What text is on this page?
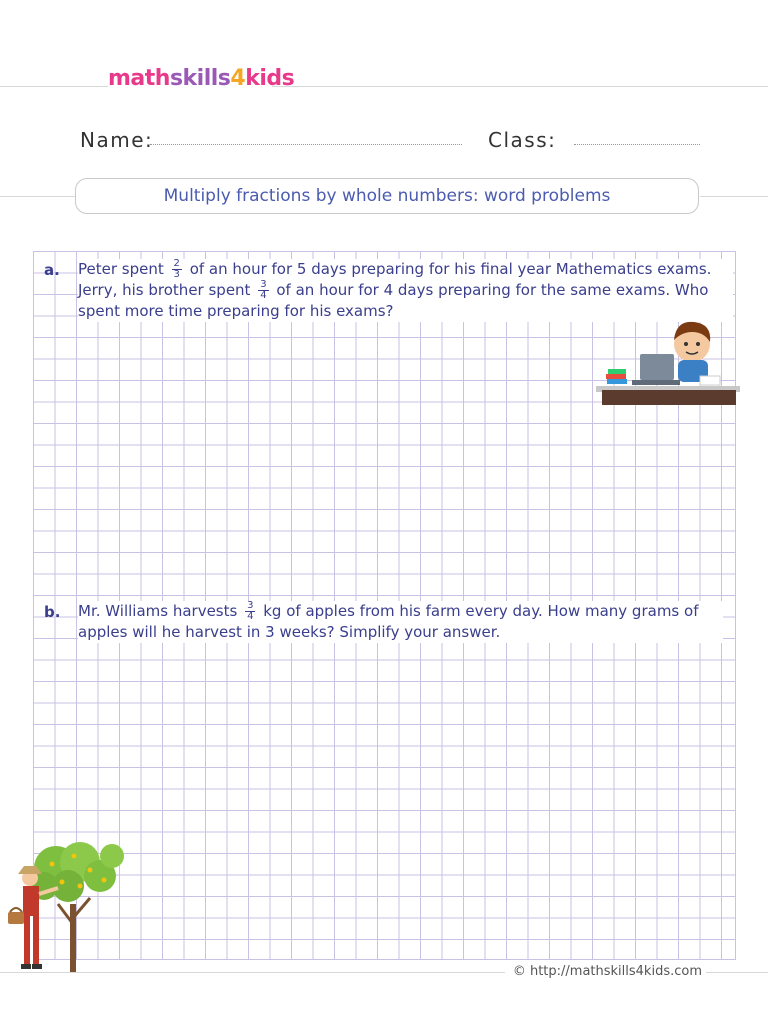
mathskills4kids
Name:	Class:
Multiply fractions by whole numbers: word problems
a. Peter spent $\frac{2}{3}$ of an hour for 5 days preparing for his final year Mathematics exams. Jerry, his brother spent $\frac{3}{4}$ of an hour for 4 days preparing for the same exams. Who spent more time preparing for his exams?
b. Mr. Williams harvests $\frac{3}{4}$ kg of apples from his farm every day. How many grams of apples will he harvest in 3 weeks? Simplify your answer.
© http://mathskills4kids.com
